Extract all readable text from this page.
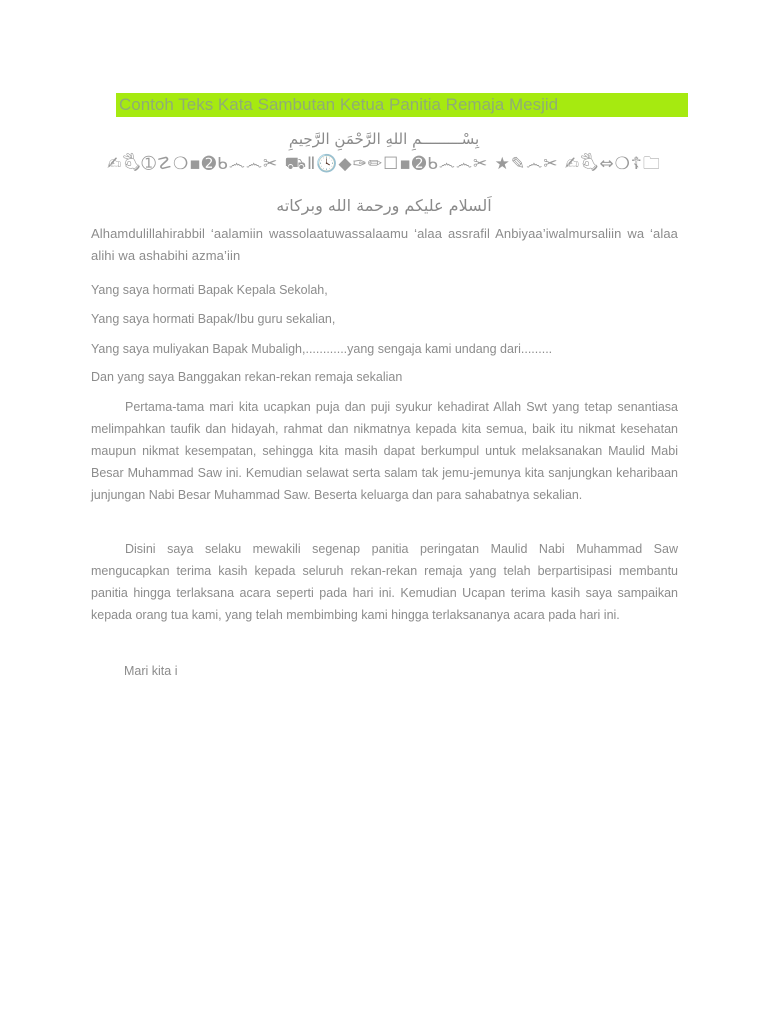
Contoh Teks Kata Sambutan Ketua Panitia Remaja Mesjid
بِسْـــــــــمِ اللهِ الرَّحْمَنِ الرَّحِيمِ
✍🖏➀☡❍▪➋ᑲ෴෴✂ ⛟Ⅱ🕓◆✑✏☐▪➋ᑲ෴෴✂ ★✎෴✂ ✍🖏⇔❍☦🗀
اَلسلام عليكم ورحمة الله وبركاته
Alhamdulillahirabbil ‘aalamiin wassolaatuwassalaamu ‘alaa assrafil Anbiyaa’iwalmursaliin wa ‘alaa alihi wa ashabihi azma’iin
Yang saya hormati Bapak Kepala Sekolah,
Yang saya hormati Bapak/Ibu guru sekalian,
Yang saya muliyakan Bapak Mubaligh,............yang sengaja kami undang dari.........
Dan yang saya Banggakan rekan-rekan remaja sekalian
Pertama-tama mari kita ucapkan puja dan puji syukur kehadirat Allah Swt yang tetap senantiasa melimpahkan taufik dan hidayah, rahmat dan nikmatnya kepada kita semua, baik itu nikmat kesehatan maupun nikmat kesempatan, sehingga kita masih dapat berkumpul untuk melaksanakan Maulid Mabi Besar Muhammad Saw ini. Kemudian selawat serta salam tak jemu-jemunya kita sanjungkan keharibaan junjungan Nabi Besar Muhammad Saw. Beserta keluarga dan para sahabatnya sekalian.
Disini saya selaku mewakili segenap panitia peringatan Maulid Nabi Muhammad Saw mengucapkan terima kasih kepada seluruh rekan-rekan remaja yang telah berpartisipasi membantu panitia hingga terlaksana acara seperti pada hari ini. Kemudian Ucapan terima kasih saya sampaikan kepada orang tua kami, yang telah membimbing kami hingga terlaksananya acara pada hari ini.
Mari kita i
